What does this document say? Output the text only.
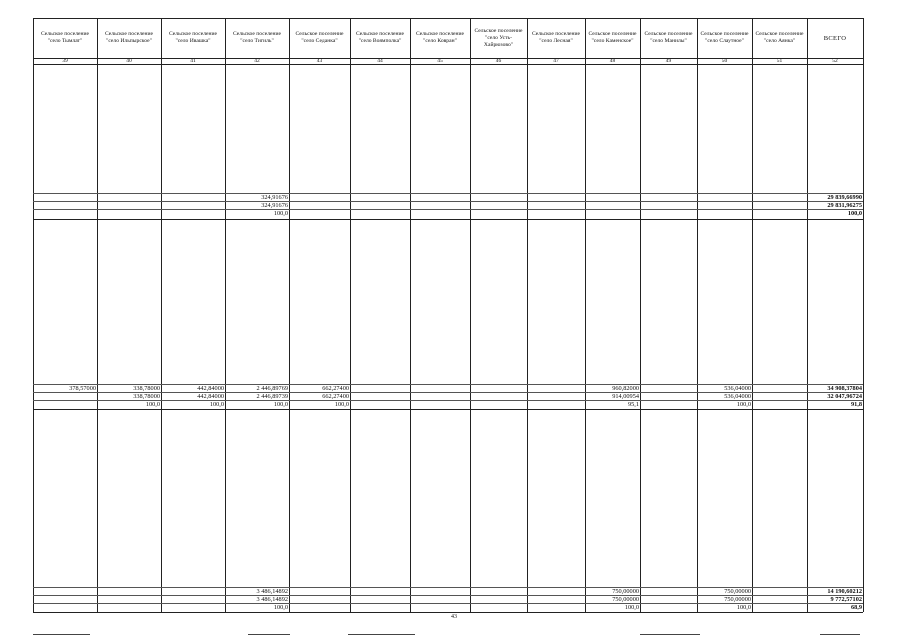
Сельское поселение "село Тымлат"
39
Сельское поселение "село Ильпырское"
40
Сельское поселение "село Ивашка"
41
Сельское поселение "село Тигиль"
42
Сельское поселение "село Седанка"
43
Сельское поселение "село Воямполка"
44
Сельское поселение "село Ковран"
45
Сельское поселение "село Усть-Хайрюзово"
46
Сельское поселение "село Лесная"
47
Сельское поселение "село Каменское"
48
Сельское поселение "село Манилы"
49
Сельское поселение "село Слаутное"
50
Сельское поселение "село Аянка"
51
ВСЕГО
52
324,91676
324,91676
100,0
29 839,66990
29 831,96275
100,0
378,57000	338,78000
338,78000
100,0
442,84000
442,84000
100,0
2 446,89769
2 446,89739
100,0
662,27400
662,27400
100,0
960,82000
914,00954
95,1
536,04000
536,04000
100,0
34 908,37804
32 047,96724
91,8
3 486,14892
3 486,14892
100,0
750,00000
750,00000
100,0
750,00000
750,00000
100,0
14 190,60212
9 772,57102
68,9
43
